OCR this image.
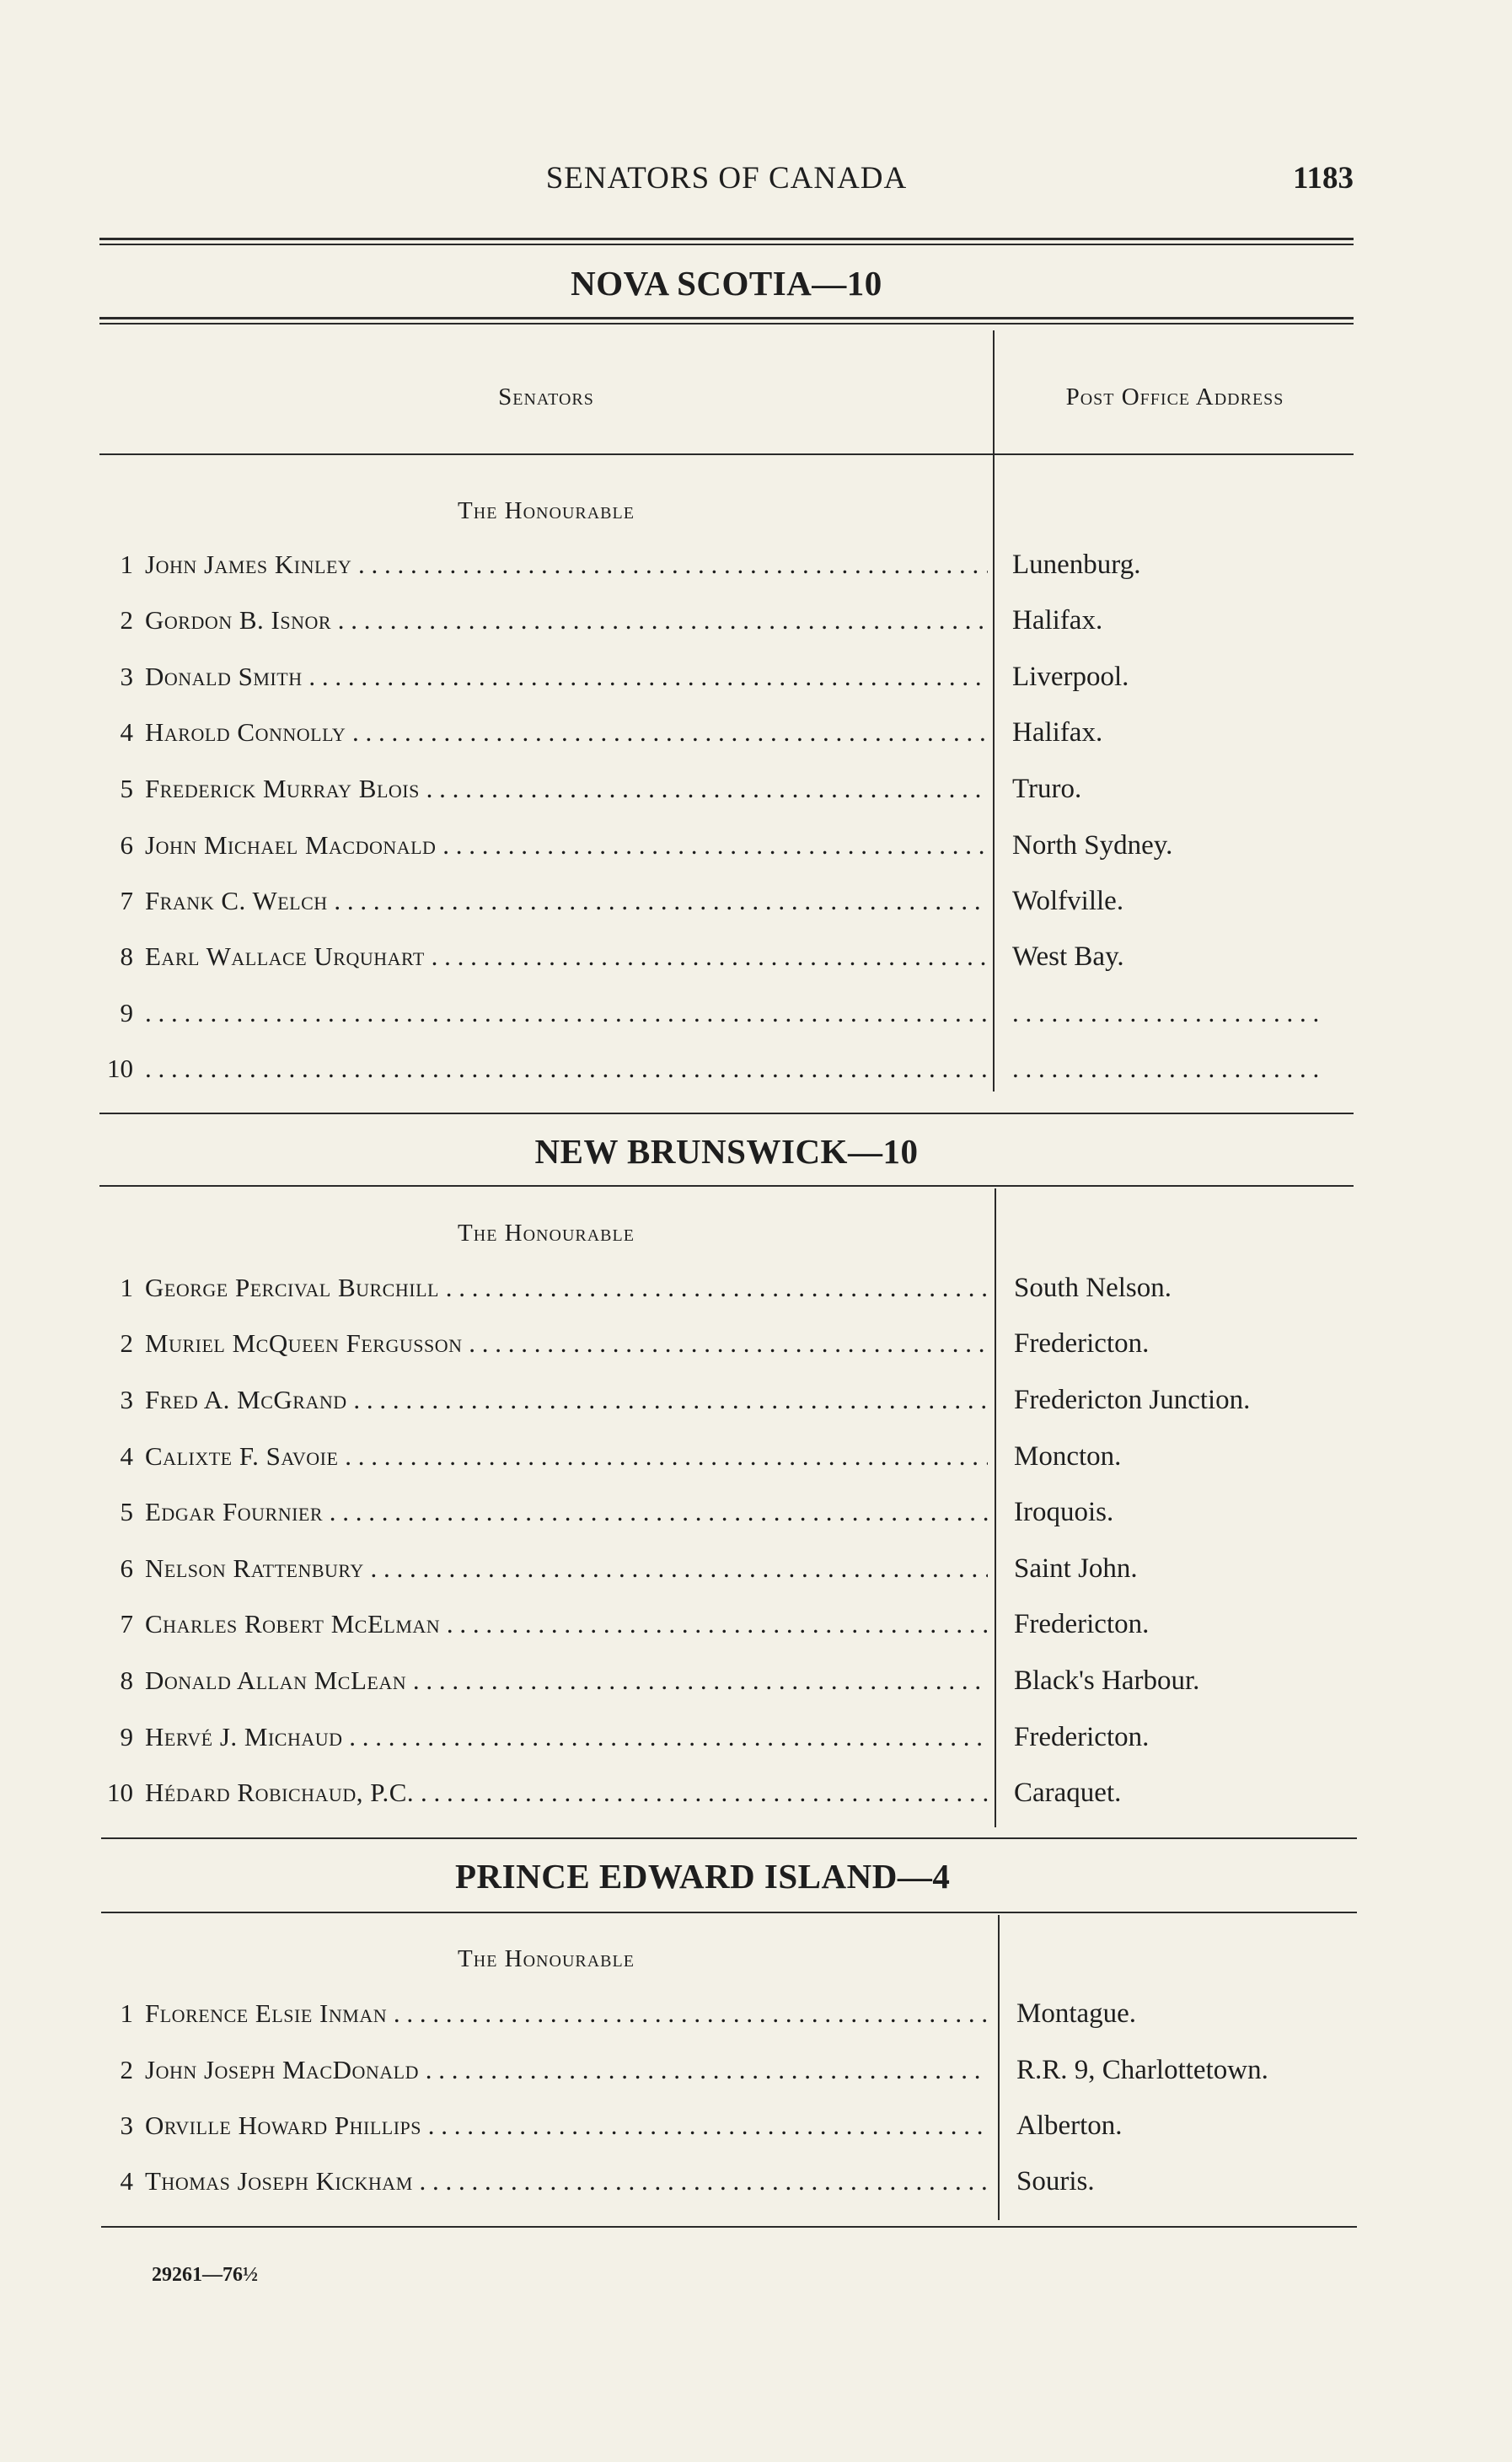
SENATORS OF CANADA	1183
NOVA SCOTIA—10
Senators	Post Office Address
The Honourable
1 John James Kinley . . .	Lunenburg.
2 Gordon B. Isnor . . .	Halifax.
3 Donald Smith . . .	Liverpool.
4 Harold Connolly . . .	Halifax.
5 Frederick Murray Blois . . .	Truro.
6 John Michael Macdonald . . .	North Sydney.
7 Frank C. Welch . . .	Wolfville.
8 Earl Wallace Urquhart . . .	West Bay.
9 . . .	. . . . . . . . . . . . . . . . . . . . . . . .
10 . . .	. . . . . . . . . . . . . . . . . . . . . . . .
NEW BRUNSWICK—10
The Honourable
1 George Percival Burchill . . .	South Nelson.
2 Muriel McQueen Fergusson . . .	Fredericton.
3 Fred A. McGrand . . .	Fredericton Junction.
4 Calixte F. Savoie . . .	Moncton.
5 Edgar Fournier . . .	Iroquois.
6 Nelson Rattenbury . . .	Saint John.
7 Charles Robert McElman . . .	Fredericton.
8 Donald Allan McLean . . .	Black's Harbour.
9 Hervé J. Michaud . . .	Fredericton.
10 Hédard Robichaud, P.C. . . .	Caraquet.
PRINCE EDWARD ISLAND—4
The Honourable
1 Florence Elsie Inman . . .	Montague.
2 John Joseph MacDonald . . .	R.R. 9, Charlottetown.
3 Orville Howard Phillips . . .	Alberton.
4 Thomas Joseph Kickham . . .	Souris.
29261—76½
